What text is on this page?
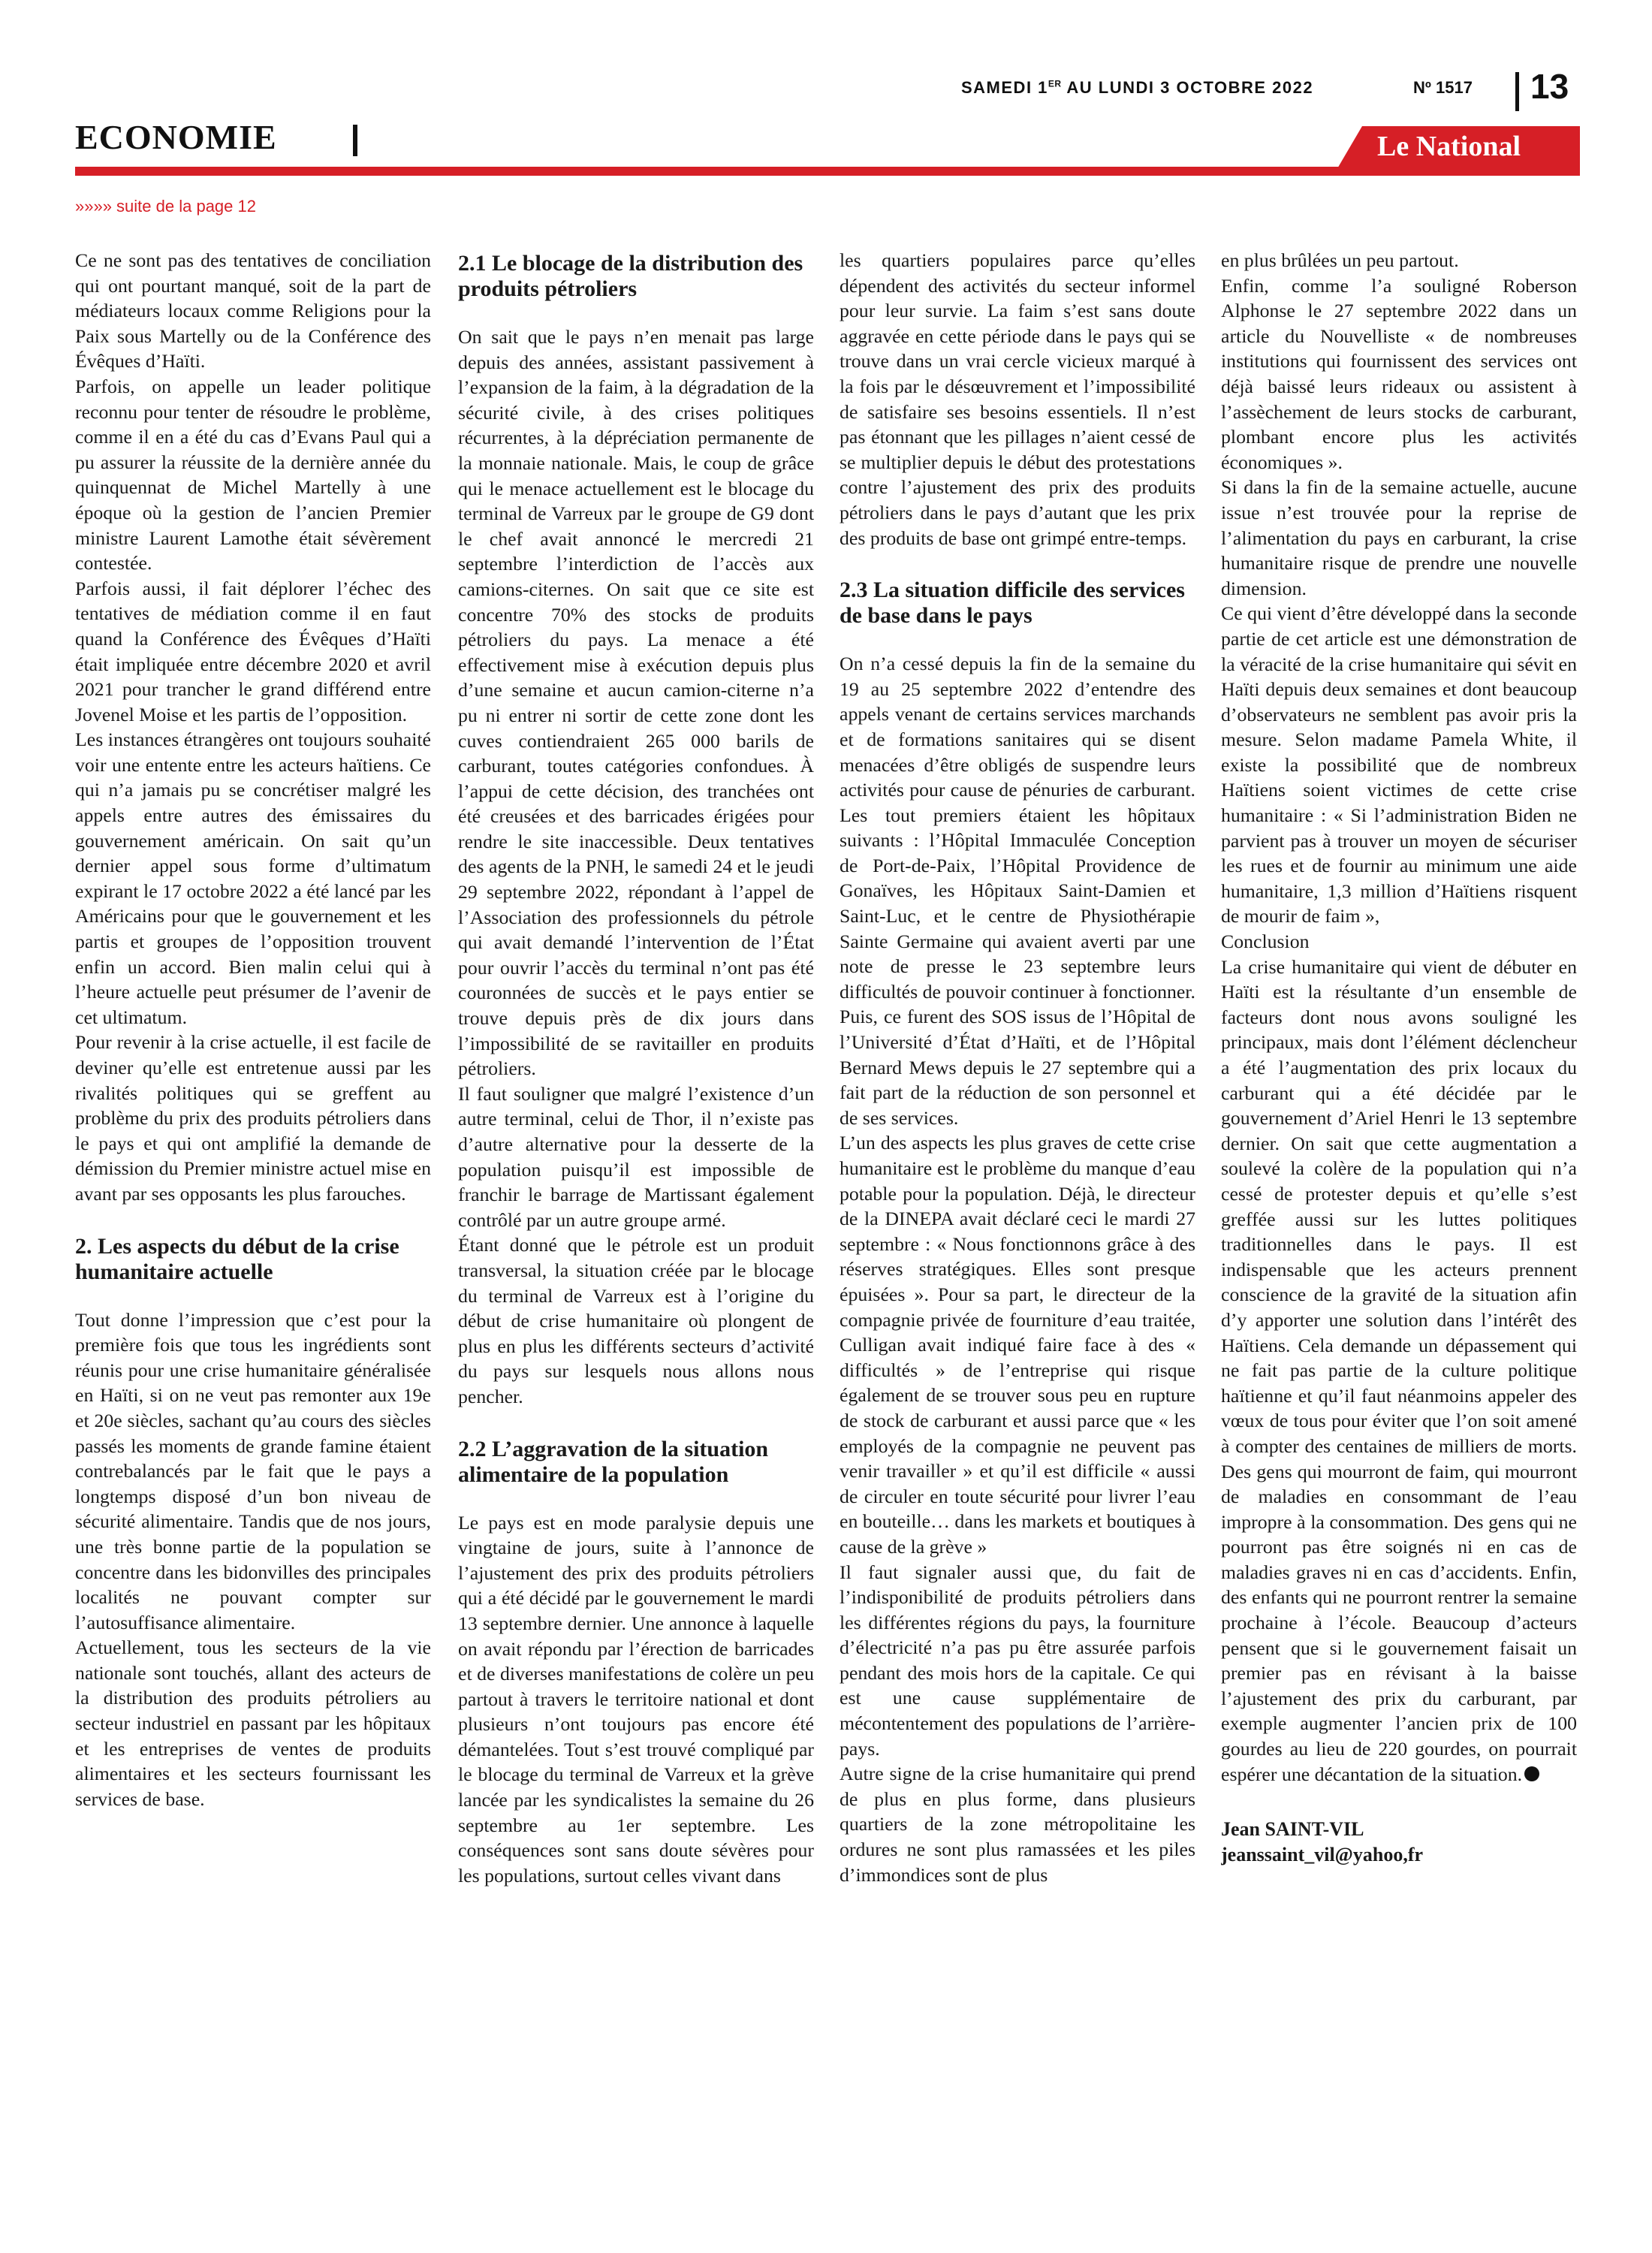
SAMEDI 1ER AU LUNDI 3 OCTOBRE 2022	Nº 1517 13
ECONOMIE	Le National
»»»» suite de la page 12

Ce ne sont pas des tentatives de conciliation qui ont pourtant manqué, soit de la part de médiateurs locaux comme Religions pour la Paix sous Martelly ou de la Conférence des Évêques d’Haïti.

Parfois, on appelle un leader politique reconnu pour tenter de résoudre le problème, comme il en a été du cas d’Evans Paul qui a pu assurer la réussite de la dernière année du quinquennat de Michel Martelly à une époque où la gestion de l’ancien Premier ministre Laurent Lamothe était sévèrement contestée.

Parfois aussi, il fait déplorer l’échec des tentatives de médiation comme il en faut quand la Conférence des Évêques d’Haïti était impliquée entre décembre 2020 et avril 2021 pour trancher le grand différend entre Jovenel Moise et les partis de l’opposition.

Les instances étrangères ont toujours souhaité voir une entente entre les acteurs haïtiens. Ce qui n’a jamais pu se concrétiser malgré les appels entre autres des émissaires du gouvernement américain. On sait qu’un dernier appel sous forme d’ultimatum expirant le 17 octobre 2022 a été lancé par les Américains pour que le gouvernement et les partis et groupes de l’opposition trouvent enfin un accord. Bien malin celui qui à l’heure actuelle peut présumer de l’avenir de cet ultimatum.

Pour revenir à la crise actuelle, il est facile de deviner qu’elle est entretenue aussi par les rivalités politiques qui se greffent au problème du prix des produits pétroliers dans le pays et qui ont amplifié la demande de démission du Premier ministre actuel mise en avant par ses opposants les plus farouches.

2. Les aspects du début de la crise humanitaire actuelle

Tout donne l’impression que c’est pour la première fois que tous les ingrédients sont réunis pour une crise humanitaire généralisée en Haïti, si on ne veut pas remonter aux 19e et 20e siècles, sachant qu’au cours des siècles passés les moments de grande famine étaient contrebalancés par le fait que le pays a longtemps disposé d’un bon niveau de sécurité alimentaire. Tandis que de nos jours, une très bonne partie de la population se concentre dans les bidonvilles des principales localités ne pouvant compter sur l’autosuffisance alimentaire.

Actuellement, tous les secteurs de la vie nationale sont touchés, allant des acteurs de la distribution des produits pétroliers au secteur industriel en passant par les hôpitaux et les entreprises de ventes de produits alimentaires et les secteurs fournissant les services de base.

2.1 Le blocage de la distribution des produits pétroliers

On sait que le pays n’en menait pas large depuis des années, assistant passivement à l’expansion de la faim, à la dégradation de la sécurité civile, à des crises politiques récurrentes, à la dépréciation permanente de la monnaie nationale. Mais, le coup de grâce qui le menace actuellement est le blocage du terminal de Varreux par le groupe de G9 dont le chef avait annoncé le mercredi 21 septembre l’interdiction de l’accès aux camions-citernes. On sait que ce site est concentre 70% des stocks de produits pétroliers du pays. La menace a été effectivement mise à exécution depuis plus d’une semaine et aucun camion-citerne n’a pu ni entrer ni sortir de cette zone dont les cuves contiendraient 265 000 barils de carburant, toutes catégories confondues. À l’appui de cette décision, des tranchées ont été creusées et des barricades érigées pour rendre le site inaccessible. Deux tentatives des agents de la PNH, le samedi 24 et le jeudi 29 septembre 2022, répondant à l’appel de l’Association des professionnels du pétrole qui avait demandé l’intervention de l’État pour ouvrir l’accès du terminal n’ont pas été couronnées de succès et le pays entier se trouve depuis près de dix jours dans l’impossibilité de se ravitailler en produits pétroliers.

Il faut souligner que malgré l’existence d’un autre terminal, celui de Thor, il n’existe pas d’autre alternative pour la desserte de la population puisqu’il est impossible de franchir le barrage de Martissant également contrôlé par un autre groupe armé.

Étant donné que le pétrole est un produit transversal, la situation créée par le blocage du terminal de Varreux est à l’origine du début de crise humanitaire où plongent de plus en plus les différents secteurs d’activité du pays sur lesquels nous allons nous pencher.

2.2 L’aggravation de la situation alimentaire de la population

Le pays est en mode paralysie depuis une vingtaine de jours, suite à l’annonce de l’ajustement des prix des produits pétroliers qui a été décidé par le gouvernement le mardi 13 septembre dernier. Une annonce à laquelle on avait répondu par l’érection de barricades et de diverses manifestations de colère un peu partout à travers le territoire national et dont plusieurs n’ont toujours pas encore été démantelées. Tout s’est trouvé compliqué par le blocage du terminal de Varreux et la grève lancée par les syndicalistes la semaine du 26 septembre au 1er septembre. Les conséquences sont sans doute sévères pour les populations, surtout celles vivant dans

les quartiers populaires parce qu’elles dépendent des activités du secteur informel pour leur survie. La faim s’est sans doute aggravée en cette période dans le pays qui se trouve dans un vrai cercle vicieux marqué à la fois par le désœuvrement et l’impossibilité de satisfaire ses besoins essentiels. Il n’est pas étonnant que les pillages n’aient cessé de se multiplier depuis le début des protestations contre l’ajustement des prix des produits pétroliers dans le pays d’autant que les prix des produits de base ont grimpé entre-temps.

2.3 La situation difficile des services de base dans le pays

On n’a cessé depuis la fin de la semaine du 19 au 25 septembre 2022 d’entendre des appels venant de certains services marchands et de formations sanitaires qui se disent menacées d’être obligés de suspendre leurs activités pour cause de pénuries de carburant. Les tout premiers étaient les hôpitaux suivants : l’Hôpital Immaculée Conception de Port-de-Paix, l’Hôpital Providence de Gonaïves, les Hôpitaux Saint-Damien et Saint-Luc, et le centre de Physiothérapie Sainte Germaine qui avaient averti par une note de presse le 23 septembre leurs difficultés de pouvoir continuer à fonctionner. Puis, ce furent des SOS issus de l’Hôpital de l’Université d’État d’Haïti, et de l’Hôpital Bernard Mews depuis le 27 septembre qui a fait part de la réduction de son personnel et de ses services.

L’un des aspects les plus graves de cette crise humanitaire est le problème du manque d’eau potable pour la population. Déjà, le directeur de la DINEPA avait déclaré ceci le mardi 27 septembre : « Nous fonctionnons grâce à des réserves stratégiques. Elles sont presque épuisées ». Pour sa part, le directeur de la compagnie privée de fourniture d’eau traitée, Culligan avait indiqué faire face à des « difficultés » de l’entreprise qui risque également de se trouver sous peu en rupture de stock de carburant et aussi parce que « les employés de la compagnie ne peuvent pas venir travailler » et qu’il est difficile « aussi de circuler en toute sécurité pour livrer l’eau en bouteille… dans les markets et boutiques à cause de la grève »

Il faut signaler aussi que, du fait de l’indisponibilité de produits pétroliers dans les différentes régions du pays, la fourniture d’électricité n’a pas pu être assurée parfois pendant des mois hors de la capitale. Ce qui est une cause supplémentaire de mécontentement des populations de l’arrière-pays.

Autre signe de la crise humanitaire qui prend de plus en plus forme, dans plusieurs quartiers de la zone métropolitaine les ordures ne sont plus ramassées et les piles d’immondices sont de plus

en plus brûlées un peu partout.

Enfin, comme l’a souligné Roberson Alphonse le 27 septembre 2022 dans un article du Nouvelliste « de nombreuses institutions qui fournissent des services ont déjà baissé leurs rideaux ou assistent à l’assèchement de leurs stocks de carburant, plombant encore plus les activités économiques ».

Si dans la fin de la semaine actuelle, aucune issue n’est trouvée pour la reprise de l’alimentation du pays en carburant, la crise humanitaire risque de prendre une nouvelle dimension.

Ce qui vient d’être développé dans la seconde partie de cet article est une démonstration de la véracité de la crise humanitaire qui sévit en Haïti depuis deux semaines et dont beaucoup d’observateurs ne semblent pas avoir pris la mesure. Selon madame Pamela White, il existe la possibilité que de nombreux Haïtiens soient victimes de cette crise humanitaire : « Si l’administration Biden ne parvient pas à trouver un moyen de sécuriser les rues et de fournir au minimum une aide humanitaire, 1,3 million d’Haïtiens risquent de mourir de faim »,

Conclusion

La crise humanitaire qui vient de débuter en Haïti est la résultante d’un ensemble de facteurs dont nous avons souligné les principaux, mais dont l’élément déclencheur a été l’augmentation des prix locaux du carburant qui a été décidée par le gouvernement d’Ariel Henri le 13 septembre dernier. On sait que cette augmentation a soulevé la colère de la population qui n’a cessé de protester depuis et qu’elle s’est greffée aussi sur les luttes politiques traditionnelles dans le pays. Il est indispensable que les acteurs prennent conscience de la gravité de la situation afin d’y apporter une solution dans l’intérêt des Haïtiens. Cela demande un dépassement qui ne fait pas partie de la culture politique haïtienne et qu’il faut néanmoins appeler des vœux de tous pour éviter que l’on soit amené à compter des centaines de milliers de morts. Des gens qui mourront de faim, qui mourront de maladies en consommant de l’eau impropre à la consommation. Des gens qui ne pourront pas être soignés ni en cas de maladies graves ni en cas d’accidents. Enfin, des enfants qui ne pourront rentrer la semaine prochaine à l’école. Beaucoup d’acteurs pensent que si le gouvernement faisait un premier pas en révisant à la baisse l’ajustement des prix du carburant, par exemple augmenter l’ancien prix de 100 gourdes au lieu de 220 gourdes, on pourrait espérer une décantation de la situation.

Jean SAINT-VIL
jeanssaint_vil@yahoo,fr
